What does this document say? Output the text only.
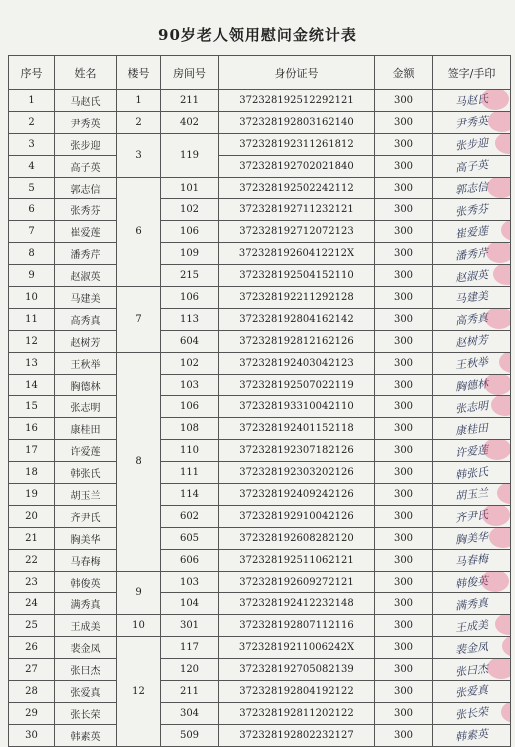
90岁老人领用慰问金统计表
序号	姓名	楼号	房间号	身份证号	金额	签字/手印
1	马赵氏	1	211	372328192512292121	300	马赵氏

2	尹秀英	2	402	372328192803162140	300	尹秀英

3	张步迎	3	119	372328192311261812	300	张步迎

4	高子英			372328192702021840	300	高子英
5	郭志信	6	101	372328192502242112	300	郭志信

6	张秀芬		102	372328192711232121	300	张秀芬
7	崔爱莲		106	372328192712072123	300	崔爱莲

8	潘秀芹		109	37232819260412212X	300	潘秀芹

9	赵淑英		215	372328192504152110	300	赵淑英

10	马建美	7	106	372328192211292128	300	马建美
11	高秀真		113	372328192804162142	300	高秀真

12	赵树芳		604	372328192812162126	300	赵树芳
13	王秋举	8	102	372328192403042123	300	王秋举

14	胸德林		103	372328192507022119	300	胸德林

15	张志明		106	372328193310042110	300	张志明

16	康桂田		108	372328192401152118	300	康桂田
17	许爱莲		110	372328192307182126	300	许爱莲

18	韩张氏		111	372328192303202126	300	韩张氏
19	胡玉兰		114	372328192409242126	300	胡玉兰

20	齐尹氏		602	372328192910042126	300	齐尹氏

21	胸美华		605	372328192608282120	300	胸美华

22	马春梅		606	372328192511062121	300	马春梅
23	韩俊英	9	103	372328192609272121	300	韩俊英

24	满秀真		104	372328192412232148	300	满秀真
25	王成美	10	301	372328192807112116	300	王成美

26	裴金凤	12	117	37232819211006242X	300	裴金凤

27	张曰杰		120	372328192705082139	300	张曰杰

28	张爱真		211	372328192804192122	300	张爱真
29	张长荣		304	372328192811202122	300	张长荣

30	韩素英		509	372328192802232127	300	韩素英
